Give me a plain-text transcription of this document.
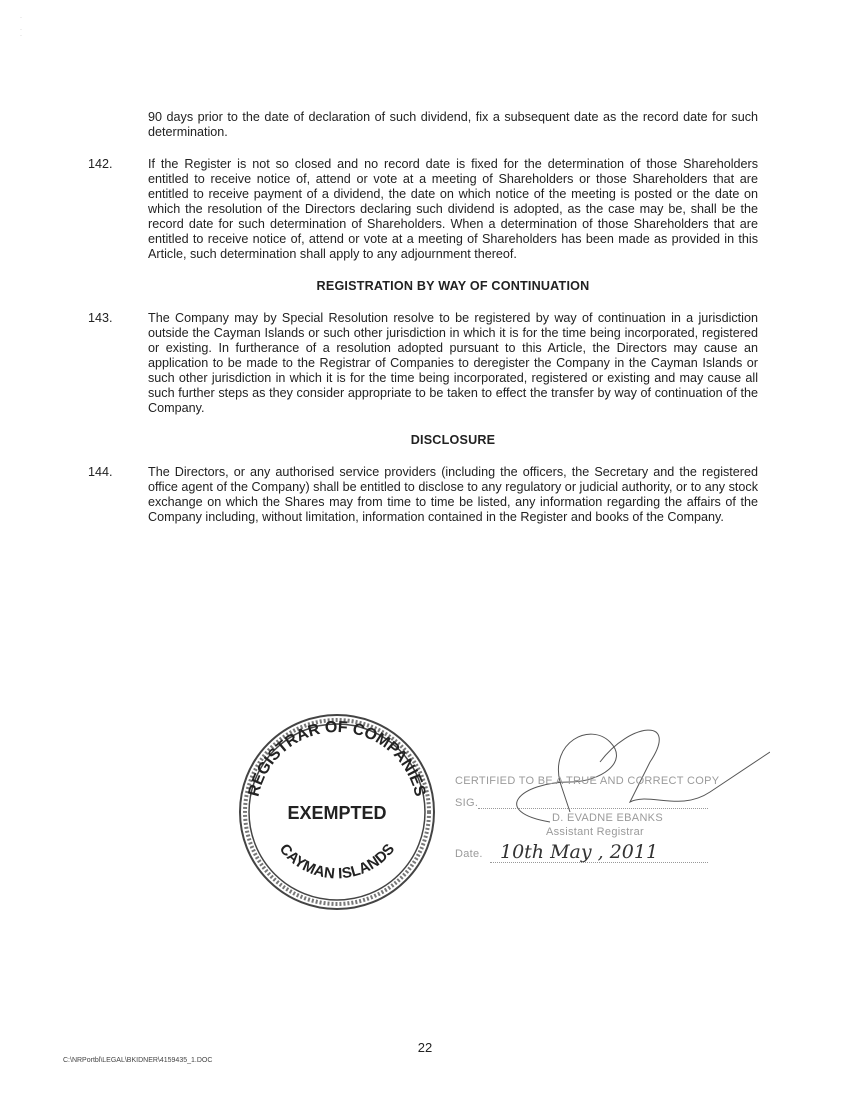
·

·
·
90 days prior to the date of declaration of such dividend, fix a subsequent date as the record date for such determination.
142.	If the Register is not so closed and no record date is fixed for the determination of those Shareholders entitled to receive notice of, attend or vote at a meeting of Shareholders or those Shareholders that are entitled to receive payment of a dividend, the date on which notice of the meeting is posted or the date on which the resolution of the Directors declaring such dividend is adopted, as the case may be, shall be the record date for such determination of Shareholders. When a determination of those Shareholders that are entitled to receive notice of, attend or vote at a meeting of Shareholders has been made as provided in this Article, such determination shall apply to any adjournment thereof.
REGISTRATION BY WAY OF CONTINUATION
143.	The Company may by Special Resolution resolve to be registered by way of continuation in a jurisdiction outside the Cayman Islands or such other jurisdiction in which it is for the time being incorporated, registered or existing. In furtherance of a resolution adopted pursuant to this Article, the Directors may cause an application to be made to the Registrar of Companies to deregister the Company in the Cayman Islands or such other jurisdiction in which it is for the time being incorporated, registered or existing and may cause all such further steps as they consider appropriate to be taken to effect the transfer by way of continuation of the Company.
DISCLOSURE
144.	The Directors, or any authorised service providers (including the officers, the Secretary and the registered office agent of the Company) shall be entitled to disclose to any regulatory or judicial authority, or to any stock exchange on which the Shares may from time to time be listed, any information regarding the affairs of the Company including, without limitation, information contained in the Register and books of the Company.
REGISTRAR OF COMPANIES
CAYMAN ISLANDS
EXEMPTED
CERTIFIED TO BE A TRUE AND CORRECT COPY
SIG.
D. EVADNE EBANKS
Assistant Registrar
Date. 10th May , 2011
22
C:\NRPortbl\LEGAL\BKIDNER\4159435_1.DOC
